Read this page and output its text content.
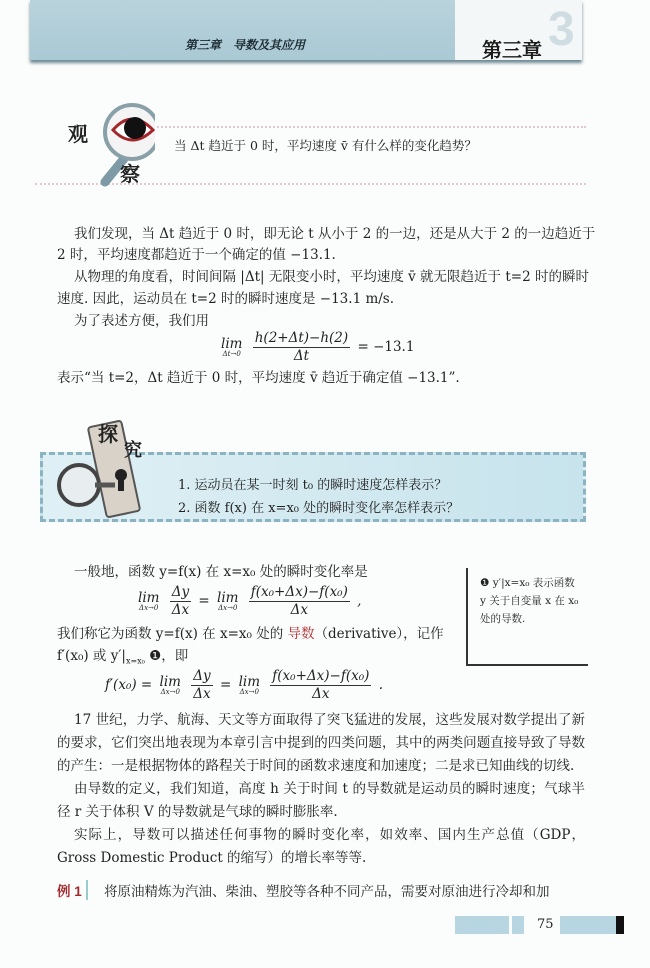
3
第三章　导数及其应用	第三章
观
察
当 Δt 趋近于 0 时，平均速度 v̄ 有什么样的变化趋势？
我们发现，当 Δt 趋近于 0 时，即无论 t 从小于 2 的一边，还是从大于 2 的一边趋近于
2 时，平均速度都趋近于一个确定的值 −13.1.
从物理的角度看，时间间隔 |Δt| 无限变小时，平均速度 v̄ 就无限趋近于 t=2 时的瞬时
速度. 因此，运动员在 t=2 时的瞬时速度是 −13.1 m/s.
为了表述方便，我们用
lim
Δt→0
$\frac{h(2+\Delta t)-h(2)}{\Delta t} = -13.1$
表示“当 t=2，Δt 趋近于 0 时，平均速度 v̄ 趋近于确定值 −13.1”.
探
究
1. 运动员在某一时刻 t₀ 的瞬时速度怎样表示？
2. 函数 f(x) 在 x=x₀ 处的瞬时变化率怎样表示？
一般地，函数 y=f(x) 在 x=x₀ 处的瞬时变化率是
lim
Δx→0
$\frac{\Delta y}{\Delta x} = \lim$
Δx→0
$\frac{\text{f(x₀+Δx)−f(x₀)}}{\Delta x}$ ,
我们称它为函数 y=f(x) 在 x=x₀ 处的 导数（derivative），记作
f′(x₀) 或 $y'|_{x=x_0}$ ❶，即
f′(x₀) = lim
Δx→0
$\frac{\Delta y}{\Delta x} = \lim$
Δx→0
$\frac{\text{f(x₀+Δx)−f(x₀)}}{\Delta x}$ .
❶ y′|x=x₀ 表示函数 y 关于自变量 x 在 x₀ 处的导数.
17 世纪，力学、航海、天文等方面取得了突飞猛进的发展，这些发展对数学提出了新
的要求，它们突出地表现为本章引言中提到的四类问题，其中的两类问题直接导致了导数
的产生：一是根据物体的路程关于时间的函数求速度和加速度；二是求已知曲线的切线.
由导数的定义，我们知道，高度 h 关于时间 t 的导数就是运动员的瞬时速度；气球半
径 r 关于体积 V 的导数就是气球的瞬时膨胀率.
实际上，导数可以描述任何事物的瞬时变化率，如效率、国内生产总值（GDP，
Gross Domestic Product 的缩写）的增长率等等.
例 1	将原油精炼为汽油、柴油、塑胶等各种不同产品，需要对原油进行冷却和加
75
